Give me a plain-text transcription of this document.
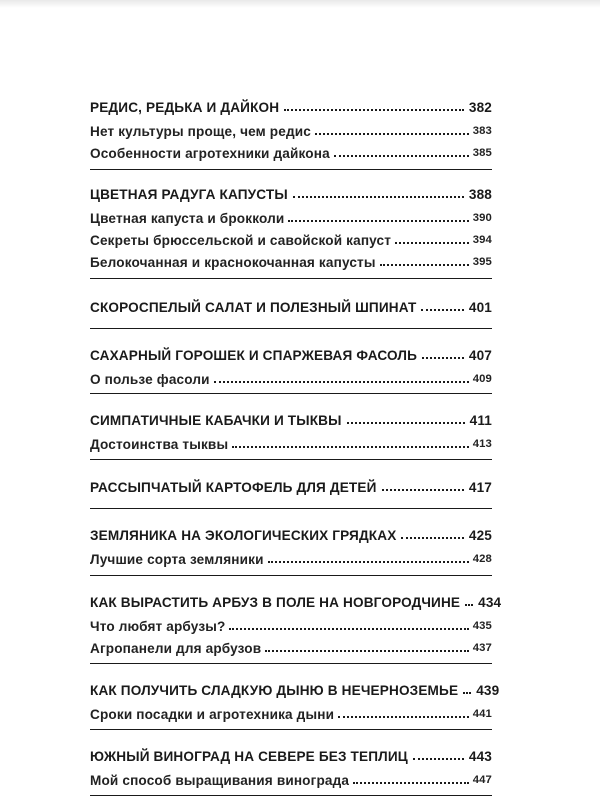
РЕДИС, РЕДЬКА И ДАЙКОН	382
Нет культуры проще, чем редис	383
Особенности агротехники дайкона	385
ЦВЕТНАЯ РАДУГА КАПУСТЫ	388
Цветная капуста и брокколи	390
Секреты брюссельской и савойской капуст	394
Белокочанная и краснокочанная капусты	395
СКОРОСПЕЛЫЙ САЛАТ И ПОЛЕЗНЫЙ ШПИНАТ	401
САХАРНЫЙ ГОРОШЕК И СПАРЖЕВАЯ ФАСОЛЬ	407
О пользе фасоли	409
СИМПАТИЧНЫЕ КАБАЧКИ И ТЫКВЫ	411
Достоинства тыквы	413
РАССЫПЧАТЫЙ КАРТОФЕЛЬ ДЛЯ ДЕТЕЙ	417
ЗЕМЛЯНИКА НА ЭКОЛОГИЧЕСКИХ ГРЯДКАХ	425
Лучшие сорта земляники	428
КАК ВЫРАСТИТЬ АРБУЗ В ПОЛЕ НА НОВГОРОДЧИНЕ 434
Что любят арбузы?	435
Агропанели для арбузов	437
КАК ПОЛУЧИТЬ СЛАДКУЮ ДЫНЮ В НЕЧЕРНОЗЕМЬЕ 439
Сроки посадки и агротехника дыни	441
ЮЖНЫЙ ВИНОГРАД НА СЕВЕРЕ БЕЗ ТЕПЛИЦ	443
Мой способ выращивания винограда	447
